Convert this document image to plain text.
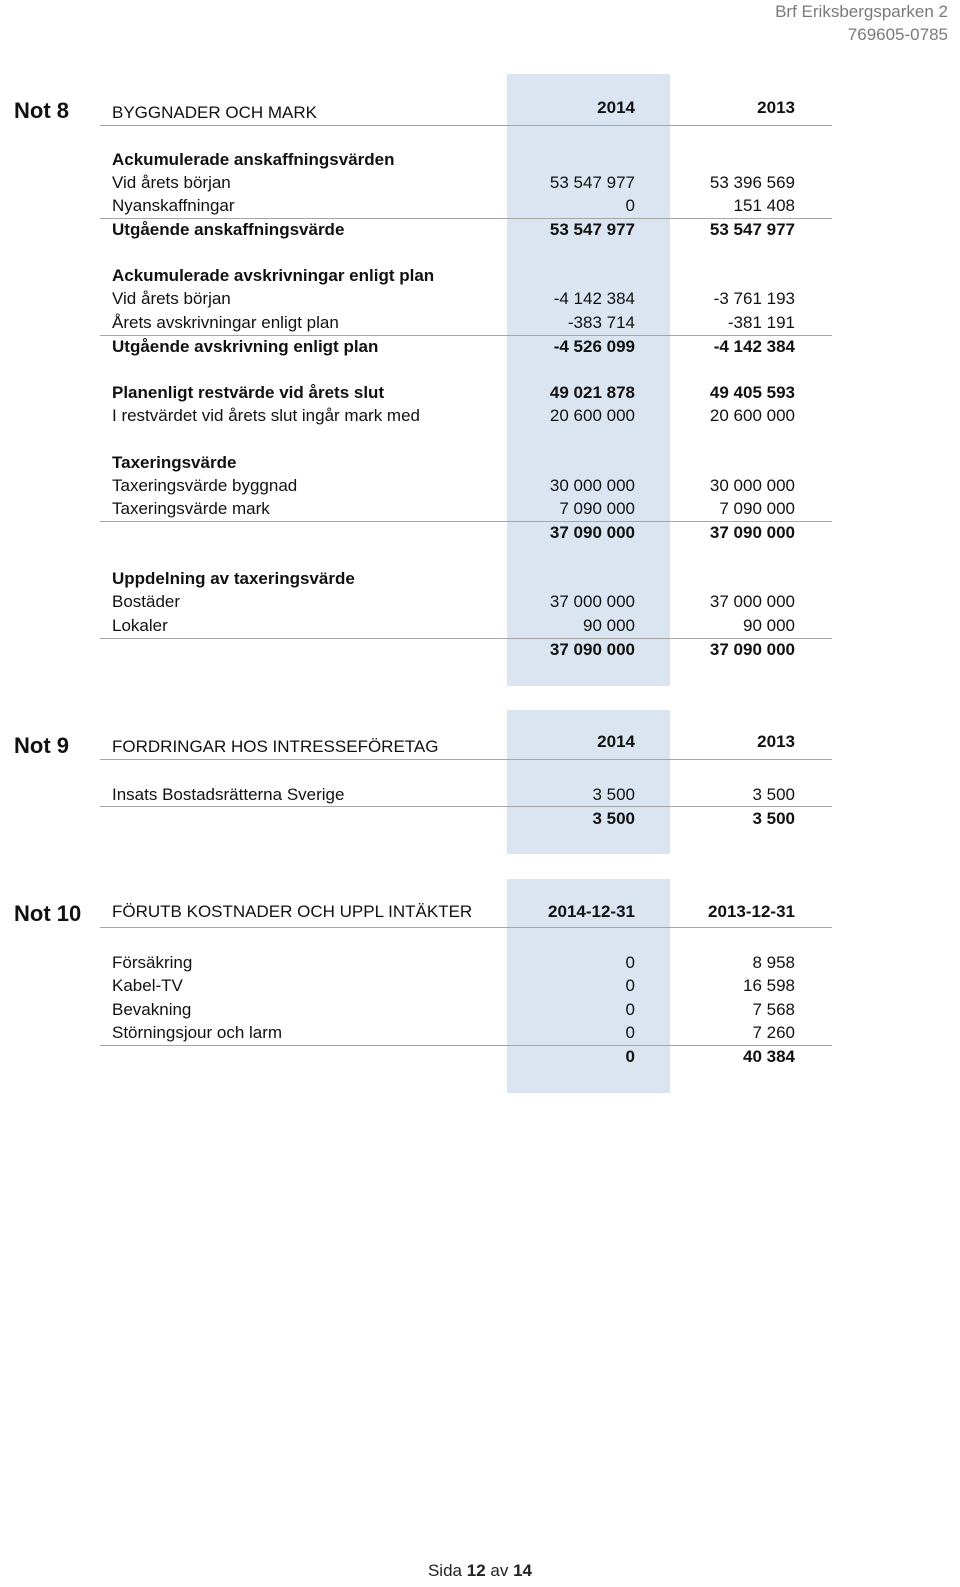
Brf Eriksbergsparken 2
769605-0785
Not 8	BYGGNADER OCH MARK	2014	2013
Ackumulerade anskaffningsvärden
Vid årets början	53 547 977	53 396 569
Nyanskaffningar	0	151 408
Utgående anskaffningsvärde	53 547 977	53 547 977
Ackumulerade avskrivningar enligt plan
Vid årets början	-4 142 384	-3 761 193
Årets avskrivningar enligt plan	-383 714	-381 191
Utgående avskrivning enligt plan	-4 526 099	-4 142 384
Planenligt restvärde vid årets slut	49 021 878	49 405 593
I restvärdet vid årets slut ingår mark med	20 600 000	20 600 000
Taxeringsvärde
Taxeringsvärde byggnad	30 000 000	30 000 000
Taxeringsvärde mark	7 090 000	7 090 000
37 090 000	37 090 000
Uppdelning av taxeringsvärde
Bostäder	37 000 000	37 000 000
Lokaler	90 000	90 000
37 090 000	37 090 000
Not 9	FORDRINGAR HOS INTRESSEFÖRETAG	2014	2013
Insats Bostadsrätterna Sverige	3 500	3 500
3 500	3 500
Not 10 FÖRUTB KOSTNADER OCH UPPL INTÄKTER	2014-12-31	2013-12-31
Försäkring	0	8 958
Kabel-TV	0	16 598
Bevakning	0	7 568
Störningsjour och larm	0	7 260
0	40 384
Sida 12 av 14
